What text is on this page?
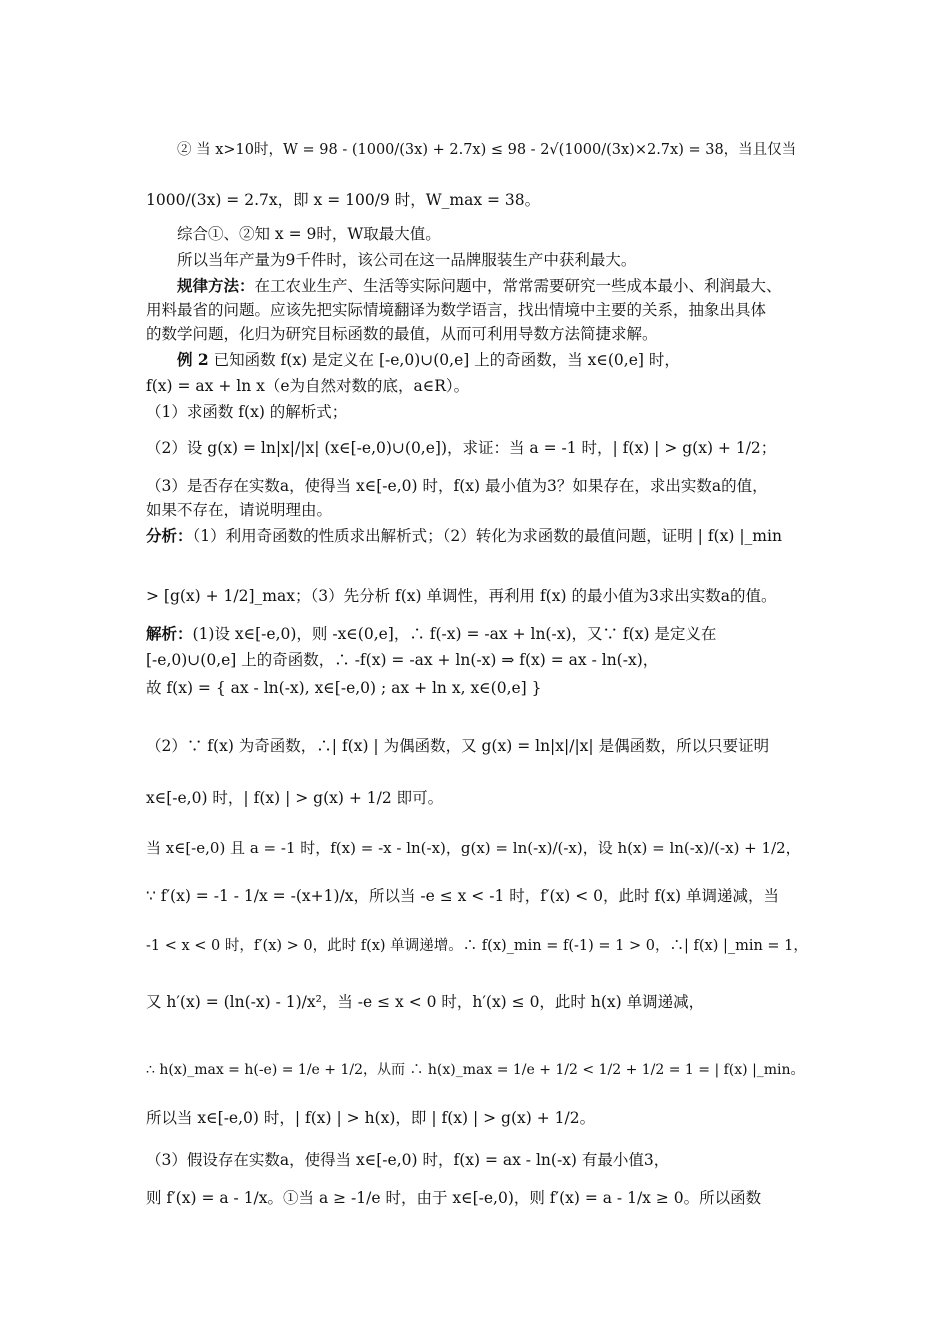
② 当 x>10时，W = 98 - (1000/(3x) + 2.7x) ≤ 98 - 2√(1000/(3x)×2.7x) = 38，当且仅当
1000/(3x) = 2.7x，即 x = 100/9 时，W_max = 38。
综合①、②知 x = 9时，W取最大值。
所以当年产量为9千件时，该公司在这一品牌服装生产中获利最大。
规律方法：在工农业生产、生活等实际问题中，常常需要研究一些成本最小、利润最大、
用料最省的问题。应该先把实际情境翻译为数学语言，找出情境中主要的关系，抽象出具体
的数学问题，化归为研究目标函数的最值，从而可利用导数方法简捷求解。
例 2 已知函数 f(x) 是定义在 [-e,0)∪(0,e] 上的奇函数，当 x∈(0,e] 时，
f(x) = ax + ln x（e为自然对数的底，a∈R）。
（1）求函数 f(x) 的解析式；
（2）设 g(x) = ln|x|/|x| (x∈[-e,0)∪(0,e])，求证：当 a = -1 时，| f(x) | > g(x) + 1/2；
（3）是否存在实数a，使得当 x∈[-e,0) 时，f(x) 最小值为3？如果存在，求出实数a的值，
如果不存在，请说明理由。
分析：（1）利用奇函数的性质求出解析式；（2）转化为求函数的最值问题，证明 | f(x) |_min
> [g(x) + 1/2]_max；（3）先分析 f(x) 单调性，再利用 f(x) 的最小值为3求出实数a的值。
解析：(1)设 x∈[-e,0)，则 -x∈(0,e]，∴ f(-x) = -ax + ln(-x)，又∵ f(x) 是定义在
[-e,0)∪(0,e] 上的奇函数，∴ -f(x) = -ax + ln(-x) ⇒ f(x) = ax - ln(-x)，
故 f(x) = { ax - ln(-x), x∈[-e,0) ; ax + ln x, x∈(0,e] }
（2）∵ f(x) 为奇函数，∴| f(x) | 为偶函数，又 g(x) = ln|x|/|x| 是偶函数，所以只要证明
x∈[-e,0) 时，| f(x) | > g(x) + 1/2 即可。
当 x∈[-e,0) 且 a = -1 时，f(x) = -x - ln(-x)，g(x) = ln(-x)/(-x)，设 h(x) = ln(-x)/(-x) + 1/2，
∵ f′(x) = -1 - 1/x = -(x+1)/x，所以当 -e ≤ x < -1 时，f′(x) < 0，此时 f(x) 单调递减，当
-1 < x < 0 时，f′(x) > 0，此时 f(x) 单调递增。∴ f(x)_min = f(-1) = 1 > 0，∴| f(x) |_min = 1，
又 h′(x) = (ln(-x) - 1)/x²，当 -e ≤ x < 0 时，h′(x) ≤ 0，此时 h(x) 单调递减，
∴ h(x)_max = h(-e) = 1/e + 1/2，从而 ∴ h(x)_max = 1/e + 1/2 < 1/2 + 1/2 = 1 = | f(x) |_min。
所以当 x∈[-e,0) 时，| f(x) | > h(x)，即 | f(x) | > g(x) + 1/2。
（3）假设存在实数a，使得当 x∈[-e,0) 时，f(x) = ax - ln(-x) 有最小值3，
则 f′(x) = a - 1/x。①当 a ≥ -1/e 时，由于 x∈[-e,0)，则 f′(x) = a - 1/x ≥ 0。所以函数
